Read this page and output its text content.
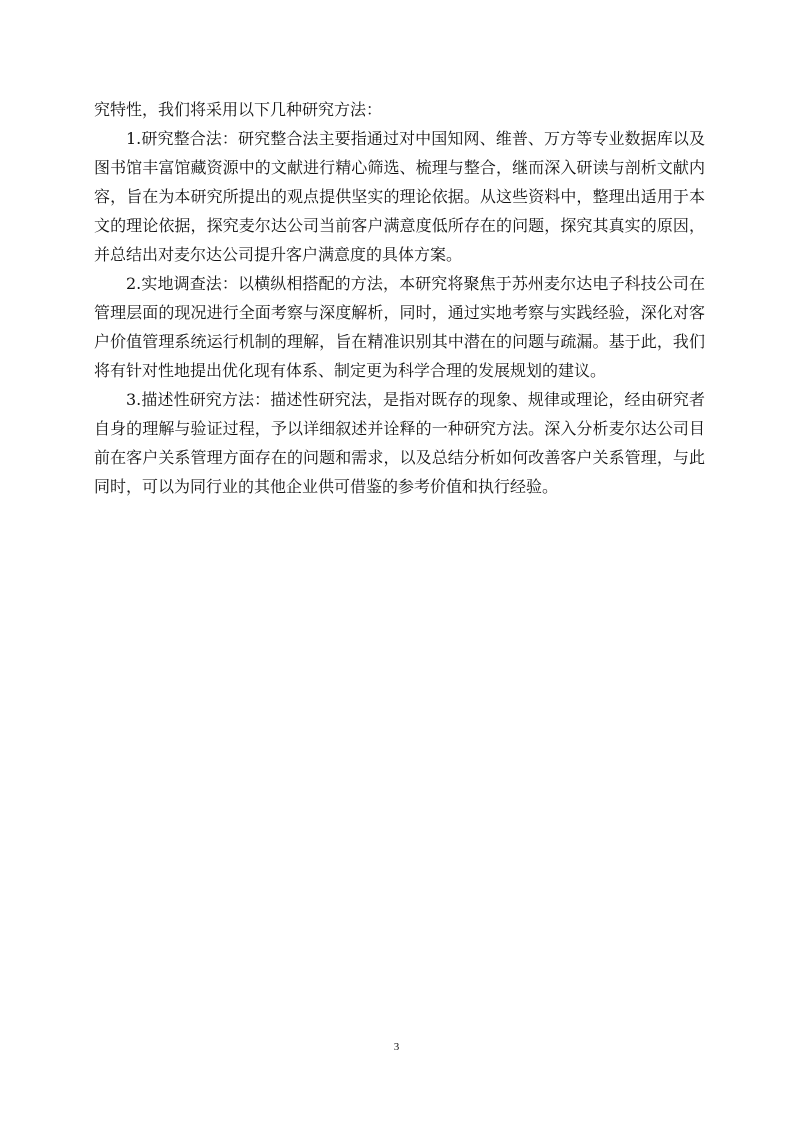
究特性，我们将采用以下几种研究方法：

1.研究整合法：研究整合法主要指通过对中国知网、维普、万方等专业数据库以及图书馆丰富馆藏资源中的文献进行精心筛选、梳理与整合，继而深入研读与剖析文献内容，旨在为本研究所提出的观点提供坚实的理论依据。从这些资料中，整理出适用于本文的理论依据，探究麦尔达公司当前客户满意度低所存在的问题，探究其真实的原因，并总结出对麦尔达公司提升客户满意度的具体方案。

2.实地调查法：以横纵相搭配的方法，本研究将聚焦于苏州麦尔达电子科技公司在管理层面的现况进行全面考察与深度解析，同时，通过实地考察与实践经验，深化对客户价值管理系统运行机制的理解，旨在精准识别其中潜在的问题与疏漏。基于此，我们将有针对性地提出优化现有体系、制定更为科学合理的发展规划的建议。

3.描述性研究方法：描述性研究法，是指对既存的现象、规律或理论，经由研究者自身的理解与验证过程，予以详细叙述并诠释的一种研究方法。深入分析麦尔达公司目前在客户关系管理方面存在的问题和需求，以及总结分析如何改善客户关系管理，与此同时，可以为同行业的其他企业供可借鉴的参考价值和执行经验。

3
